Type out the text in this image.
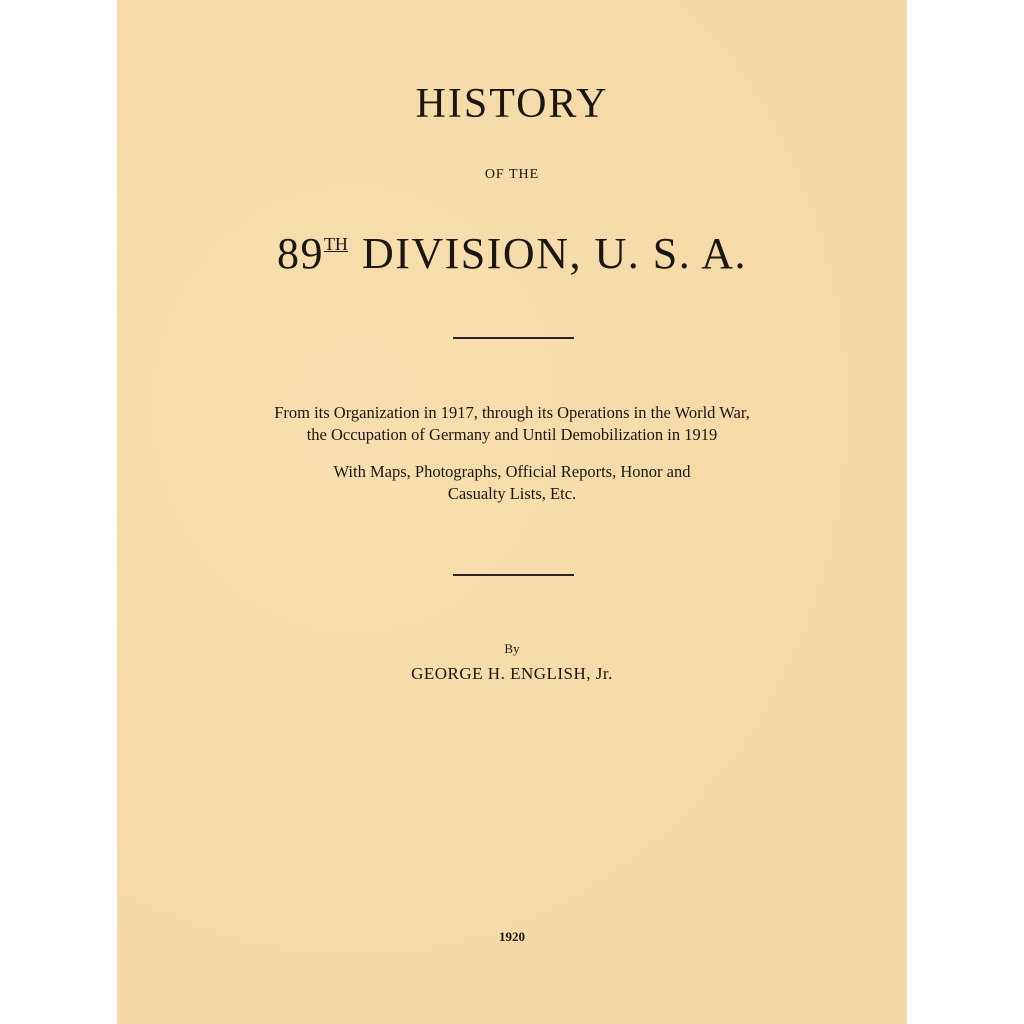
HISTORY
OF THE
89TH DIVISION, U. S. A.
From its Organization in 1917, through its Operations in the World War,
the Occupation of Germany and Until Demobilization in 1919
With Maps, Photographs, Official Reports, Honor and
Casualty Lists, Etc.
By
GEORGE H. ENGLISH, Jr.
1920
